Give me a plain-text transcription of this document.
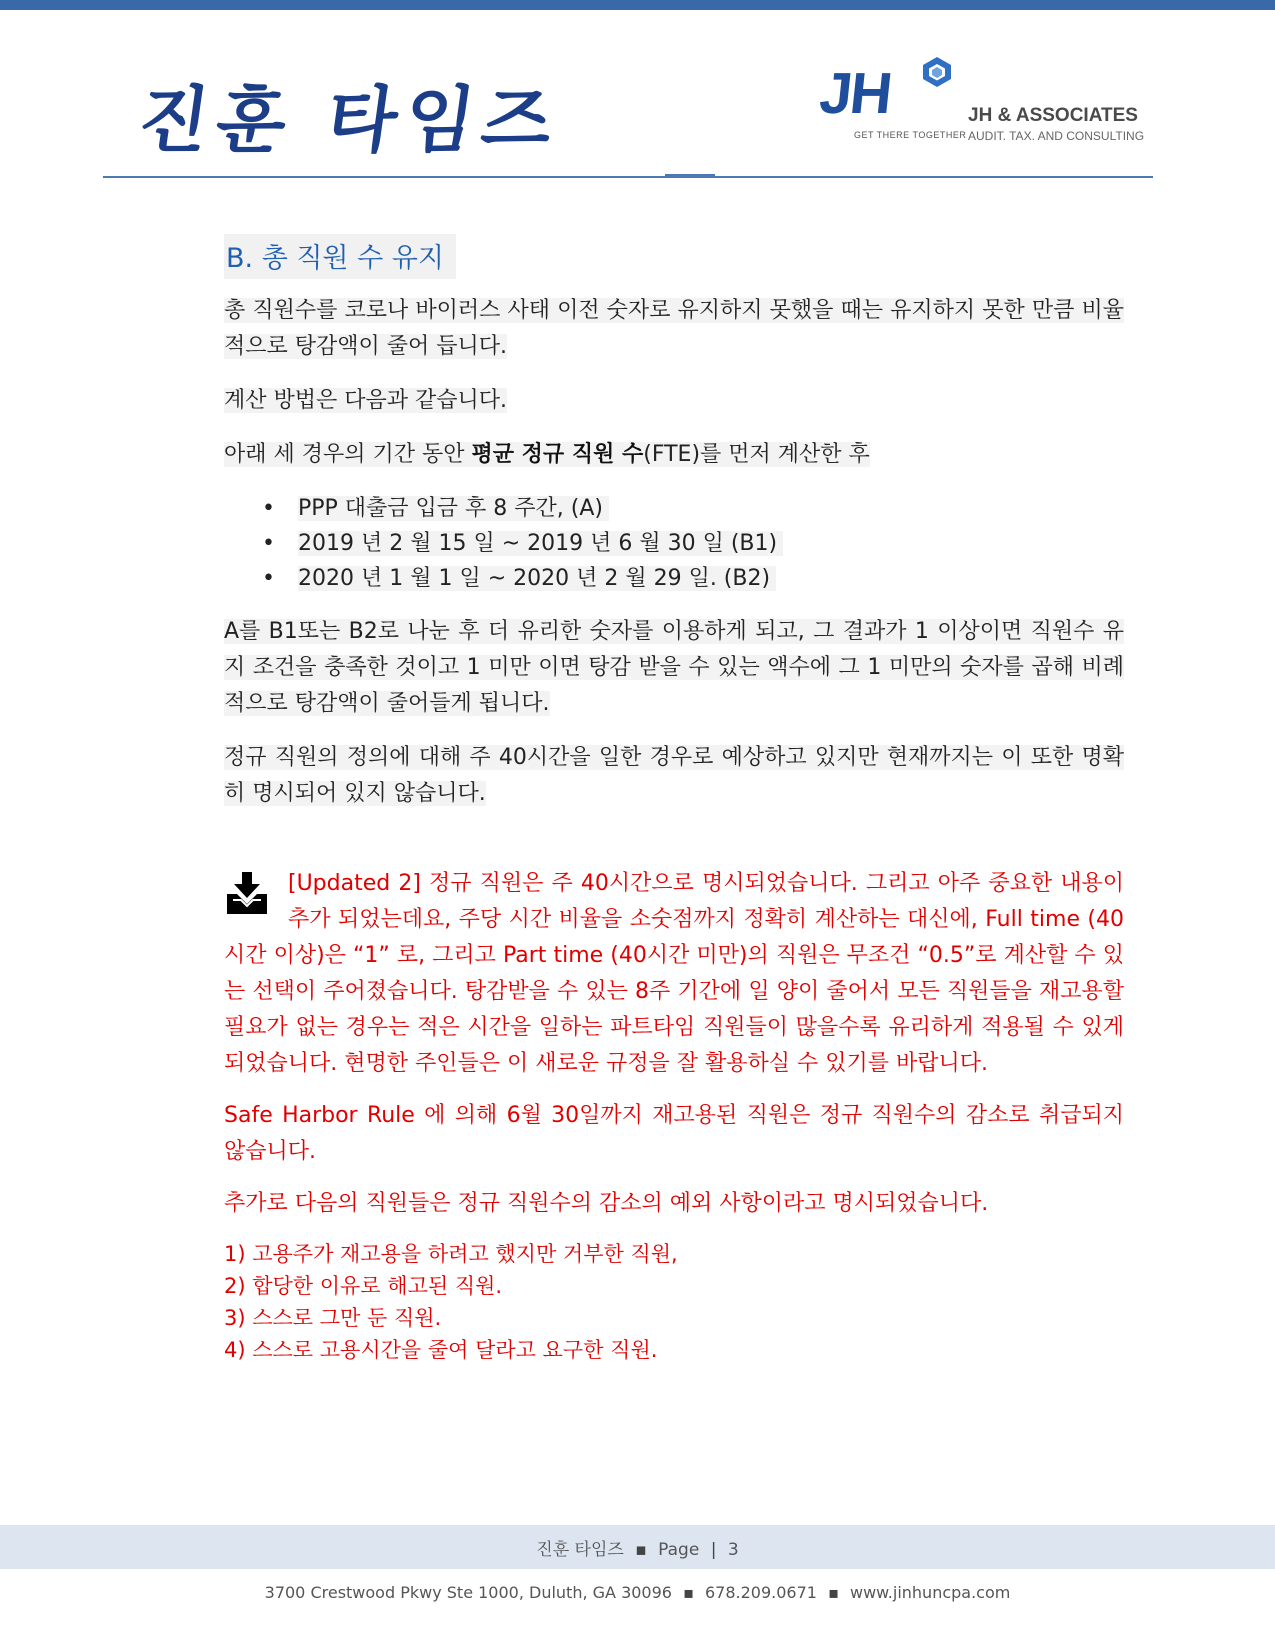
진훈 타임즈	JH
GET THERE TOGETHER
JH & ASSOCIATES
AUDIT. TAX. AND CONSULTING
B. 총 직원 수 유지

총 직원수를 코로나 바이러스 사태 이전 숫자로 유지하지 못했을 때는 유지하지 못한 만큼 비율적으로 탕감액이 줄어 듭니다.

계산 방법은 다음과 같습니다.

아래 세 경우의 기간 동안 평균 정규 직원 수(FTE)를 먼저 계산한 후

• PPP 대출금 입금 후 8 주간, (A)
• 2019 년 2 월 15 일 ~ 2019 년 6 월 30 일 (B1)
• 2020 년 1 월 1 일 ~ 2020 년 2 월 29 일. (B2)

A를 B1또는 B2로 나눈 후 더 유리한 숫자를 이용하게 되고, 그 결과가 1 이상이면 직원수 유지 조건을 충족한 것이고 1 미만 이면 탕감 받을 수 있는 액수에 그 1 미만의 숫자를 곱해 비례적으로 탕감액이 줄어들게 됩니다.

정규 직원의 정의에 대해 주 40시간을 일한 경우로 예상하고 있지만 현재까지는 이 또한 명확히 명시되어 있지 않습니다.

[Updated 2] 정규 직원은 주 40시간으로 명시되었습니다. 그리고 아주 중요한 내용이 추가 되었는데요, 주당 시간 비율을 소숫점까지 정확히 계산하는 대신에, Full time (40시간 이상)은 “1” 로, 그리고 Part time (40시간 미만)의 직원은 무조건 “0.5”로 계산할 수 있는 선택이 주어졌습니다. 탕감받을 수 있는 8주 기간에 일 양이 줄어서 모든 직원들을 재고용할 필요가 없는 경우는 적은 시간을 일하는 파트타임 직원들이 많을수록 유리하게 적용될 수 있게 되었습니다. 현명한 주인들은 이 새로운 규정을 잘 활용하실 수 있기를 바랍니다.

Safe Harbor Rule 에 의해 6월 30일까지 재고용된 직원은 정규 직원수의 감소로 취급되지 않습니다.

추가로 다음의 직원들은 정규 직원수의 감소의 예외 사항이라고 명시되었습니다.

1) 고용주가 재고용을 하려고 했지만 거부한 직원,
2) 합당한 이유로 해고된 직원.
3) 스스로 그만 둔 직원.
4) 스스로 고용시간을 줄여 달라고 요구한 직원.
진훈 타임즈 ▪ Page | 3
3700 Crestwood Pkwy Ste 1000, Duluth, GA 30096 ▪ 678.209.0671 ▪ www.jinhuncpa.com
